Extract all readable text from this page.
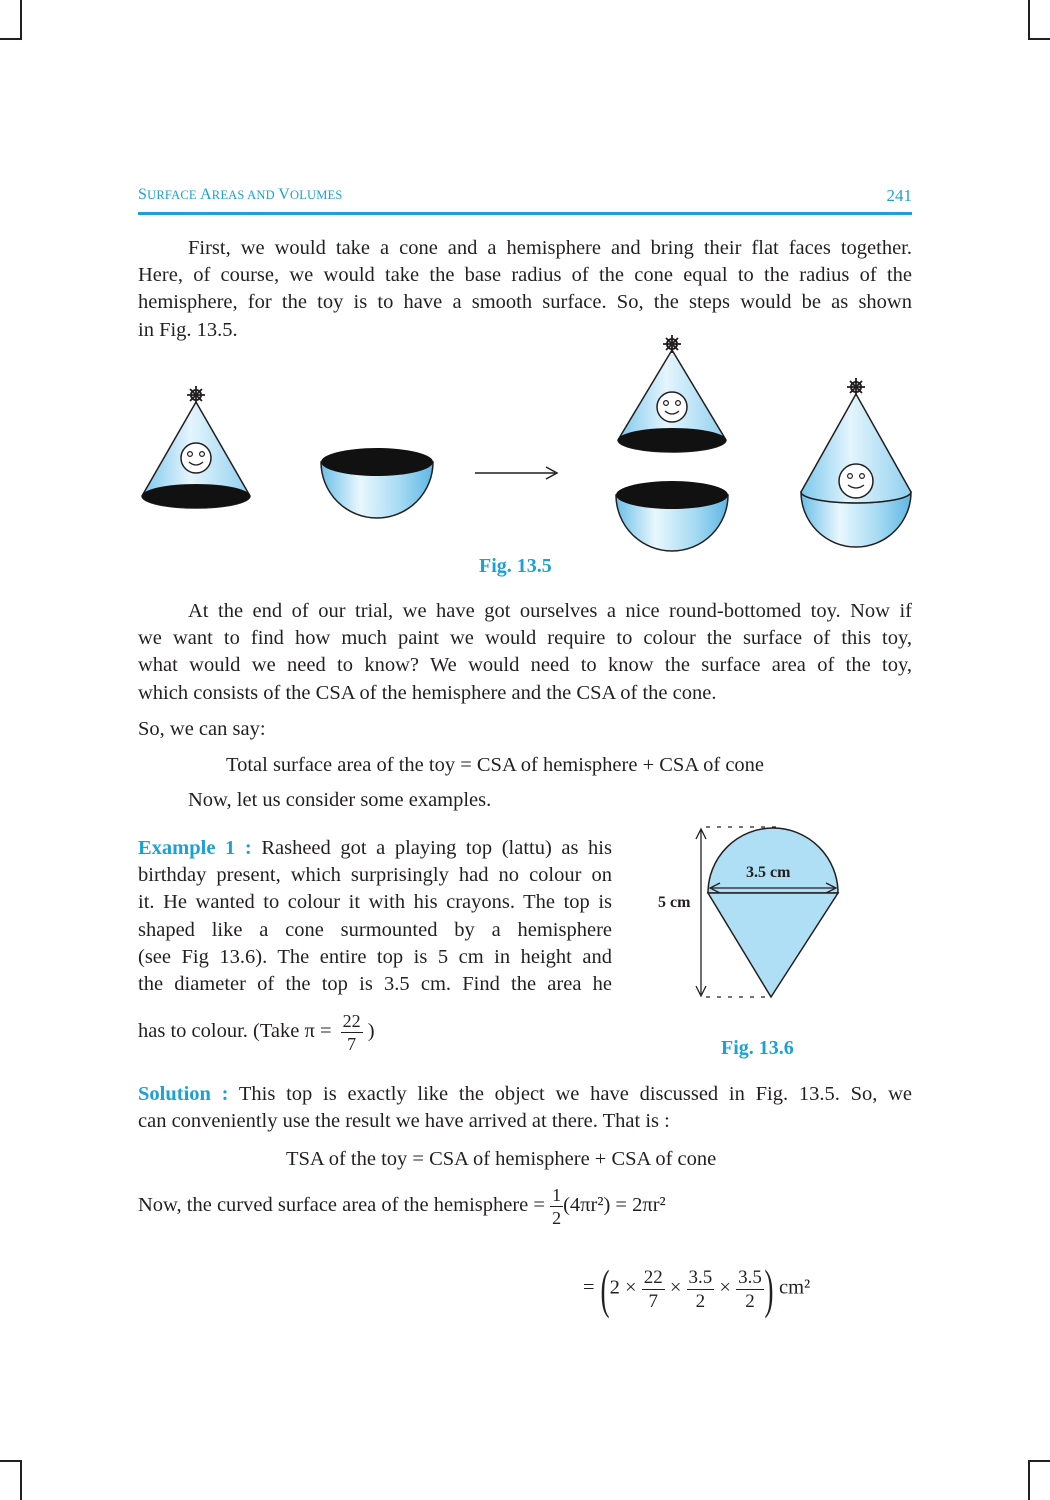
SURFACE AREAS AND VOLUMES	241
First, we would take a cone and a hemisphere and bring their flat faces together.
Here, of course, we would take the base radius of the cone equal to the radius of the
hemisphere, for the toy is to have a smooth surface. So, the steps would be as shown
in Fig. 13.5.
Fig. 13.5
At the end of our trial, we have got ourselves a nice round-bottomed toy. Now if
we want to find how much paint we would require to colour the surface of this toy,
what would we need to know? We would need to know the surface area of the toy,
which consists of the CSA of the hemisphere and the CSA of the cone.
So, we can say:
Total surface area of the toy = CSA of hemisphere + CSA of cone
Now, let us consider some examples.
Example 1 : Rasheed got a playing top (lattu) as his
birthday present, which surprisingly had no colour on
it. He wanted to colour it with his crayons. The top is
shaped like a cone surmounted by a hemisphere
(see Fig 13.6). The entire top is 5 cm in height and
the diameter of the top is 3.5 cm. Find the area he
has to colour. (Take $\pi = \frac{22}{7}$ )
3.5 cm
5 cm
Fig. 13.6
Solution : This top is exactly like the object we have discussed in Fig. 13.5. So, we
can conveniently use the result we have arrived at there. That is :
TSA of the toy = CSA of hemisphere + CSA of cone
Now, the curved surface area of the hemisphere = $\frac{1}{2} (4\pi r^2) = 2\pi r^2$
= ($2 \times \frac{22}{7} \times \frac{3.5}{2} \times \frac{3.5}{2}$ ) cm²
